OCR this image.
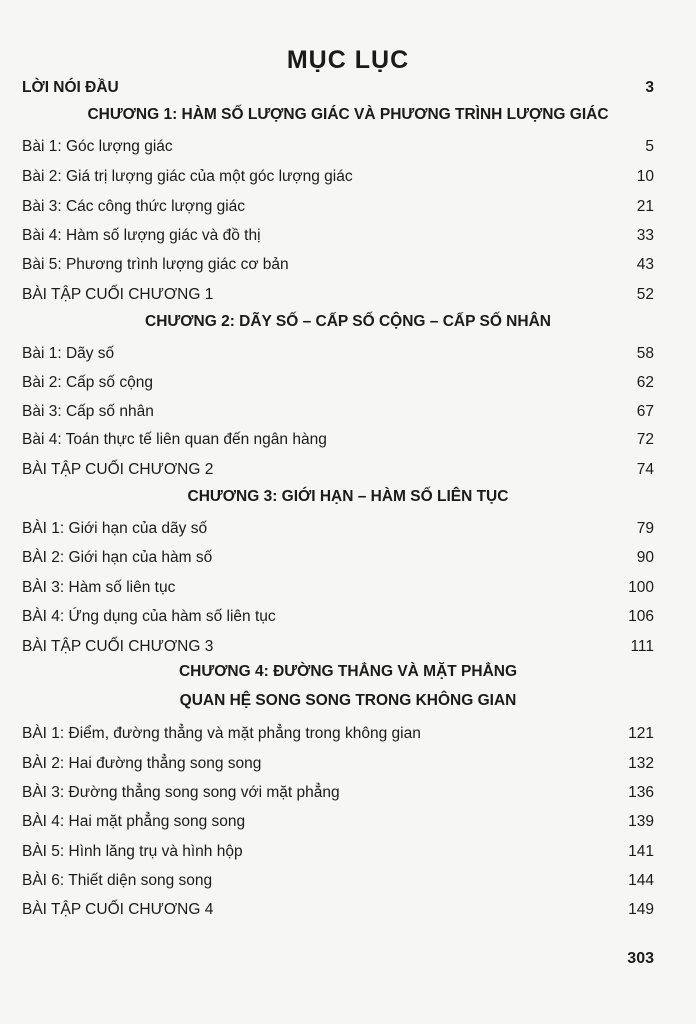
MỤC LỤC
LỜI NÓI ĐẦU	3
CHƯƠNG 1: HÀM SỐ LƯỢNG GIÁC VÀ PHƯƠNG TRÌNH LƯỢNG GIÁC
Bài 1: Góc lượng giác	5
Bài 2: Giá trị lượng giác của một góc lượng giác	10
Bài 3: Các công thức lượng giác	21
Bài 4: Hàm số lượng giác và đồ thị	33
Bài 5: Phương trình lượng giác cơ bản	43
BÀI TẬP CUỐI CHƯƠNG 1	52
CHƯƠNG 2: DÃY SỐ – CẤP SỐ CỘNG – CẤP SỐ NHÂN
Bài 1: Dãy số	58
Bài 2: Cấp số cộng	62
Bài 3: Cấp số nhân	67
Bài 4: Toán thực tế liên quan đến ngân hàng	72
BÀI TẬP CUỐI CHƯƠNG 2	74
CHƯƠNG 3: GIỚI HẠN – HÀM SỐ LIÊN TỤC
BÀI 1: Giới hạn của dãy số	79
BÀI 2: Giới hạn của hàm số	90
BÀI 3: Hàm số liên tục	100
BÀI 4: Ứng dụng của hàm số liên tục	106
BÀI TẬP CUỐI CHƯƠNG 3	111
CHƯƠNG 4: ĐƯỜNG THẲNG VÀ MẶT PHẲNG
QUAN HỆ SONG SONG TRONG KHÔNG GIAN
BÀI 1: Điểm, đường thẳng và mặt phẳng trong không gian	121
BÀI 2: Hai đường thẳng song song	132
BÀI 3: Đường thẳng song song với mặt phẳng	136
BÀI 4: Hai mặt phẳng song song	139
BÀI 5: Hình lăng trụ và hình hộp	141
BÀI 6: Thiết diện song song	144
BÀI TẬP CUỐI CHƯƠNG 4	149
303
